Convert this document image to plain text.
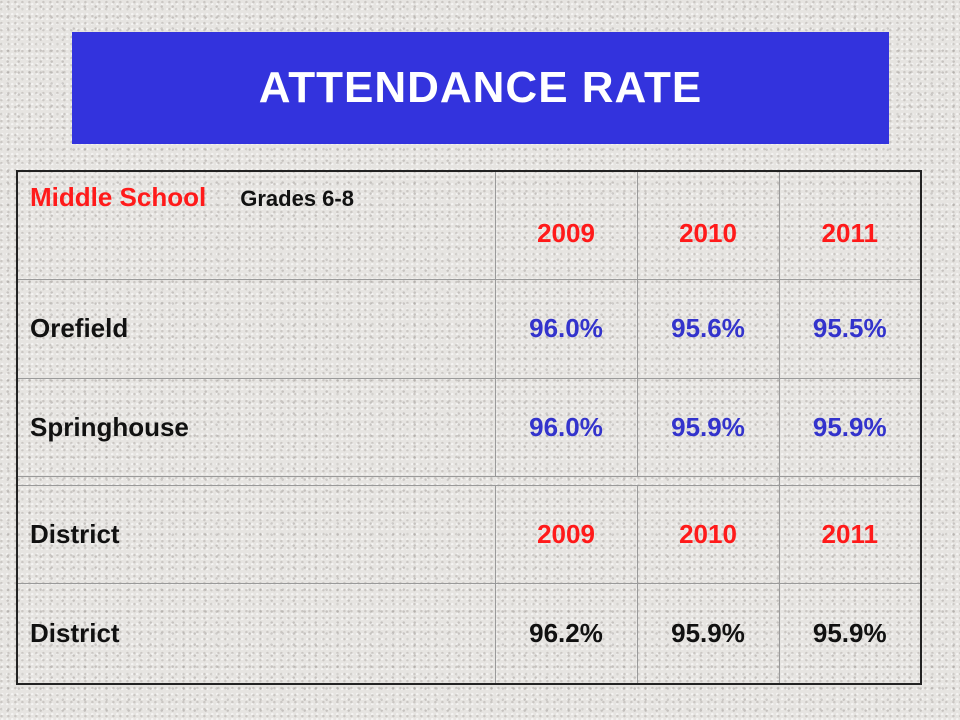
ATTENDANCE RATE
Middle School Grades 6-8	2009	2010	2011
Orefield	96.0%	95.6%	95.5%
Springhouse	96.0%	95.9%	95.9%

District	2009	2010	2011
District	96.2%	95.9%	95.9%
